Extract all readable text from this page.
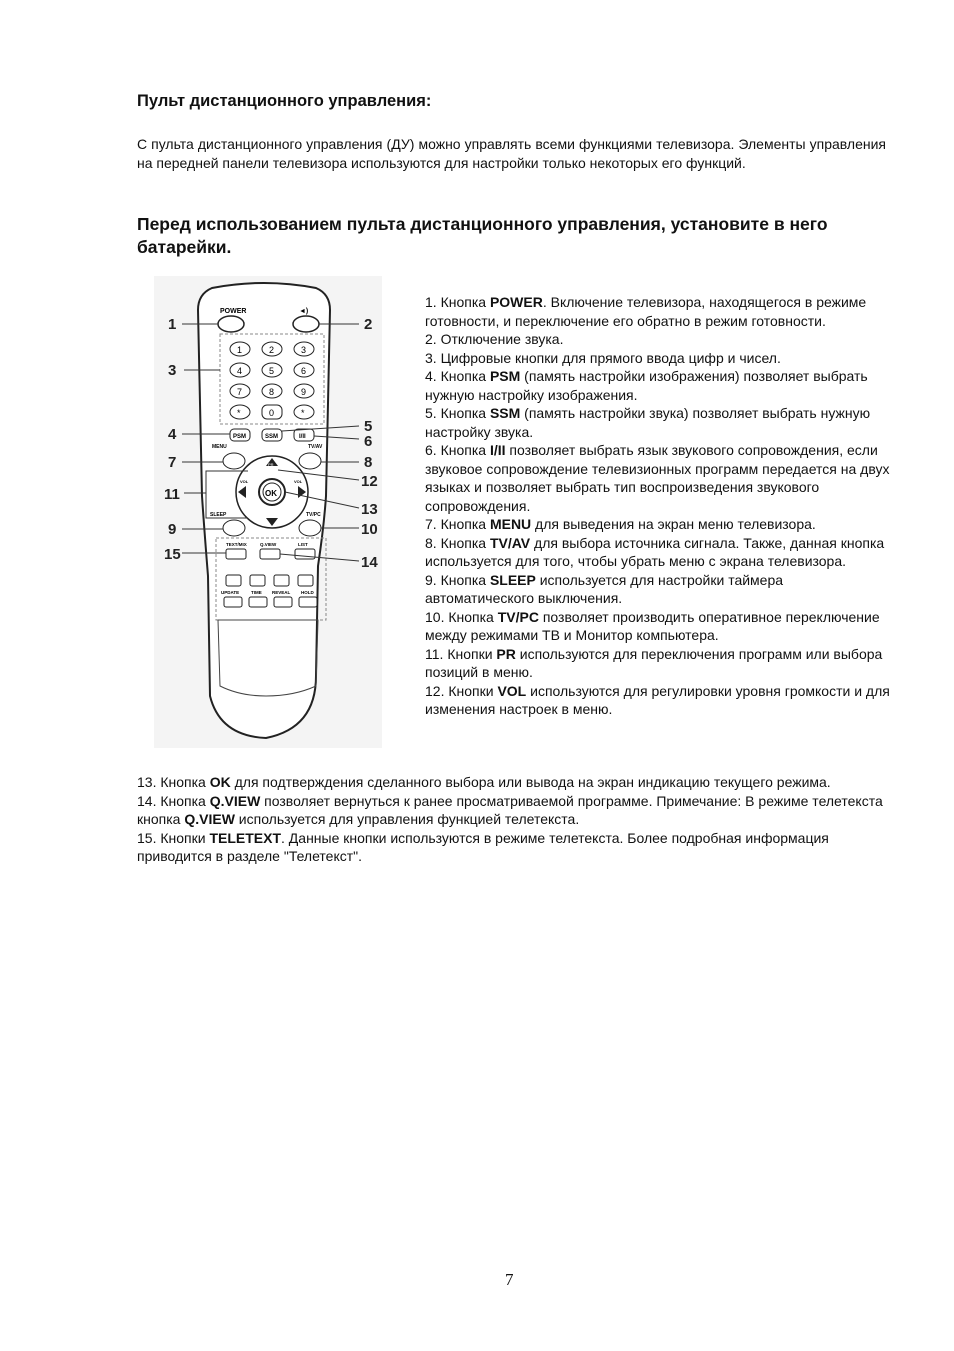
Пульт дистанционного управления:

С пульта дистанционного управления (ДУ) можно управлять всеми функциями телевизора. Элементы управления на передней панели телевизора используются для настройки только некоторых его функций.

Перед использованием пульта дистанционного управления, установите в него батарейки.
POWER	◄)
1	2	3
4	5	6
7	8	9
*	0	*
PSM	SSM	I/II
MENU	TV/AV
PR
VOL	VOL
OK
SLEEP	TV/PC
TEXT/MIX	Q.VIEW	LIST
UPDATE	TIME REVEAL HOLD
1	2
3
4	5
6
7	8
11
12
13
9	10
15	14
1. Кнопка POWER. Включение телевизора, находящегося в режиме готовности, и переключение его обратно в режим готовности.
2. Отключение звука.
3. Цифровые кнопки для прямого ввода цифр и чисел.
4. Кнопка PSM (память настройки изображения) позволяет выбрать нужную настройку изображения.
5. Кнопка SSM (память настройки звука) позволяет выбрать нужную настройку звука.
6. Кнопка I/II позволяет выбрать язык звукового сопровождения, если звуковое сопровождение телевизионных программ передается на двух языках и позволяет выбрать тип воспроизведения звукового сопровождения.
7. Кнопка MENU для выведения на экран меню телевизора.
8. Кнопка TV/AV для выбора источника сигнала. Также, данная кнопка используется для того, чтобы убрать меню с экрана телевизора.
9. Кнопка SLEEP используется для настройки таймера автоматического выключения.
10. Кнопка TV/PC позволяет производить оперативное переключение между режимами ТВ и Монитор компьютера.
11. Кнопки PR используются для переключения программ или выбора позиций в меню.
12. Кнопки VOL используются для регулировки уровня громкости и для изменения настроек в меню.
13. Кнопка OK для подтверждения сделанного выбора или вывода на экран индикацию текущего режима.
14. Кнопка Q.VIEW позволяет вернуться к ранее просматриваемой программе. Примечание: В режиме телетекста кнопка Q.VIEW используется для управления функцией телетекста.
15. Кнопки TELETEXT. Данные кнопки используются в режиме телетекста. Более подробная информация приводится в разделе "Телетекст".
7
